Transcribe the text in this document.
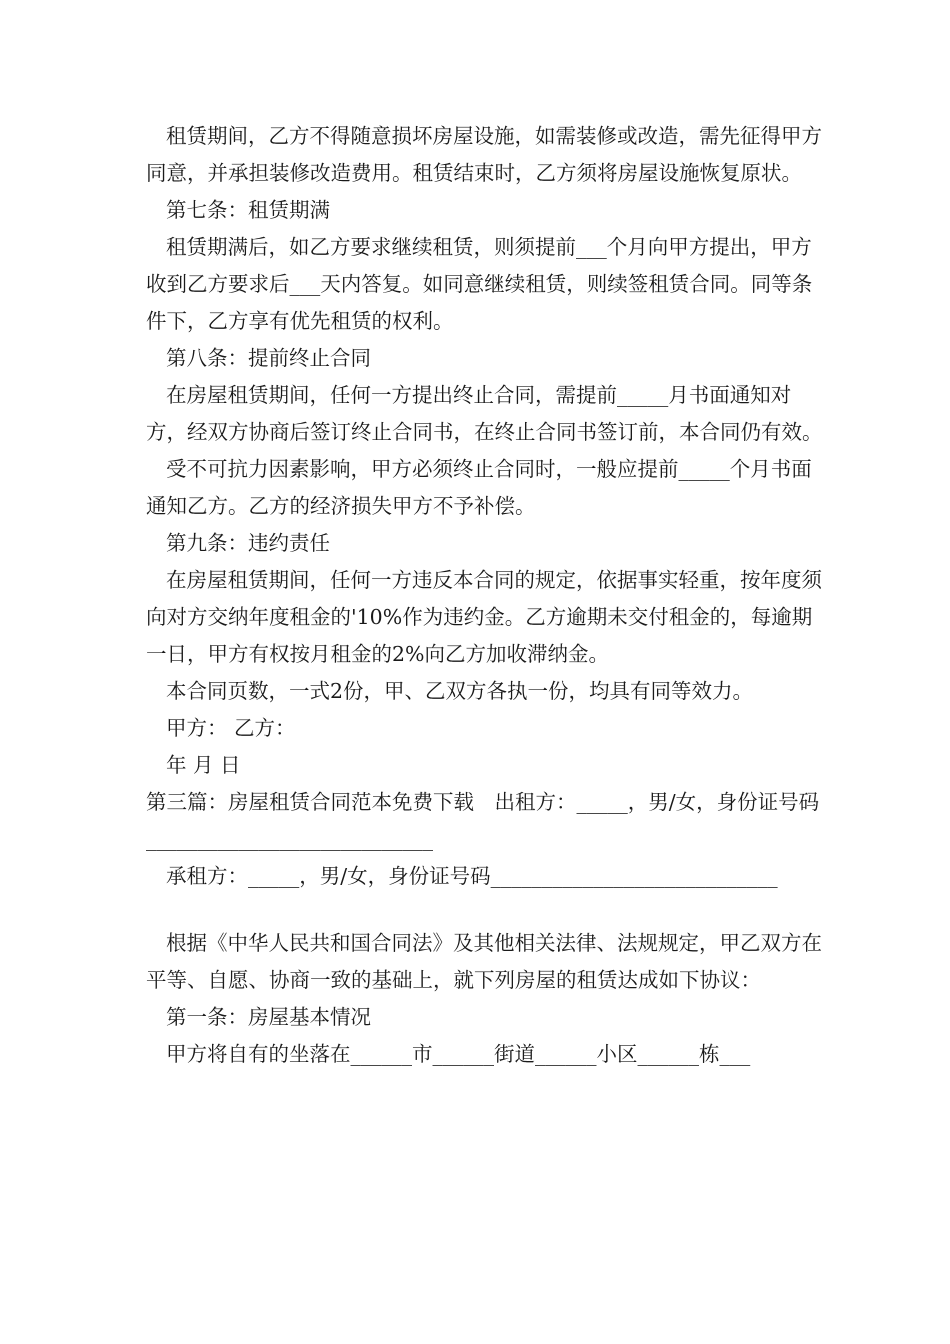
租赁期间，乙方不得随意损坏房屋设施，如需装修或改造，需先征得甲方同意，并承担装修改造费用。租赁结束时，乙方须将房屋设施恢复原状。

第七条：租赁期满

租赁期满后，如乙方要求继续租赁，则须提前___个月向甲方提出，甲方收到乙方要求后___天内答复。如同意继续租赁，则续签租赁合同。同等条件下，乙方享有优先租赁的权利。

第八条：提前终止合同

在房屋租赁期间，任何一方提出终止合同，需提前_____月书面通知对方，经双方协商后签订终止合同书，在终止合同书签订前，本合同仍有效。

受不可抗力因素影响，甲方必须终止合同时，一般应提前_____个月书面通知乙方。乙方的经济损失甲方不予补偿。

第九条：违约责任

在房屋租赁期间，任何一方违反本合同的规定，依据事实轻重，按年度须向对方交纳年度租金的'10%作为违约金。乙方逾期未交付租金的，每逾期一日，甲方有权按月租金的2%向乙方加收滞纳金。

本合同页数，一式2份，甲、乙双方各执一份，均具有同等效力。

甲方： 乙方：

年 月 日

第三篇：房屋租赁合同范本免费下载　出租方：_____，男/女，身份证号码____________________________

承租方：_____，男/女，身份证号码____________________________

根据《中华人民共和国合同法》及其他相关法律、法规规定，甲乙双方在平等、自愿、协商一致的基础上，就下列房屋的租赁达成如下协议：

第一条：房屋基本情况

甲方将自有的坐落在______市______街道______小区______栋___
